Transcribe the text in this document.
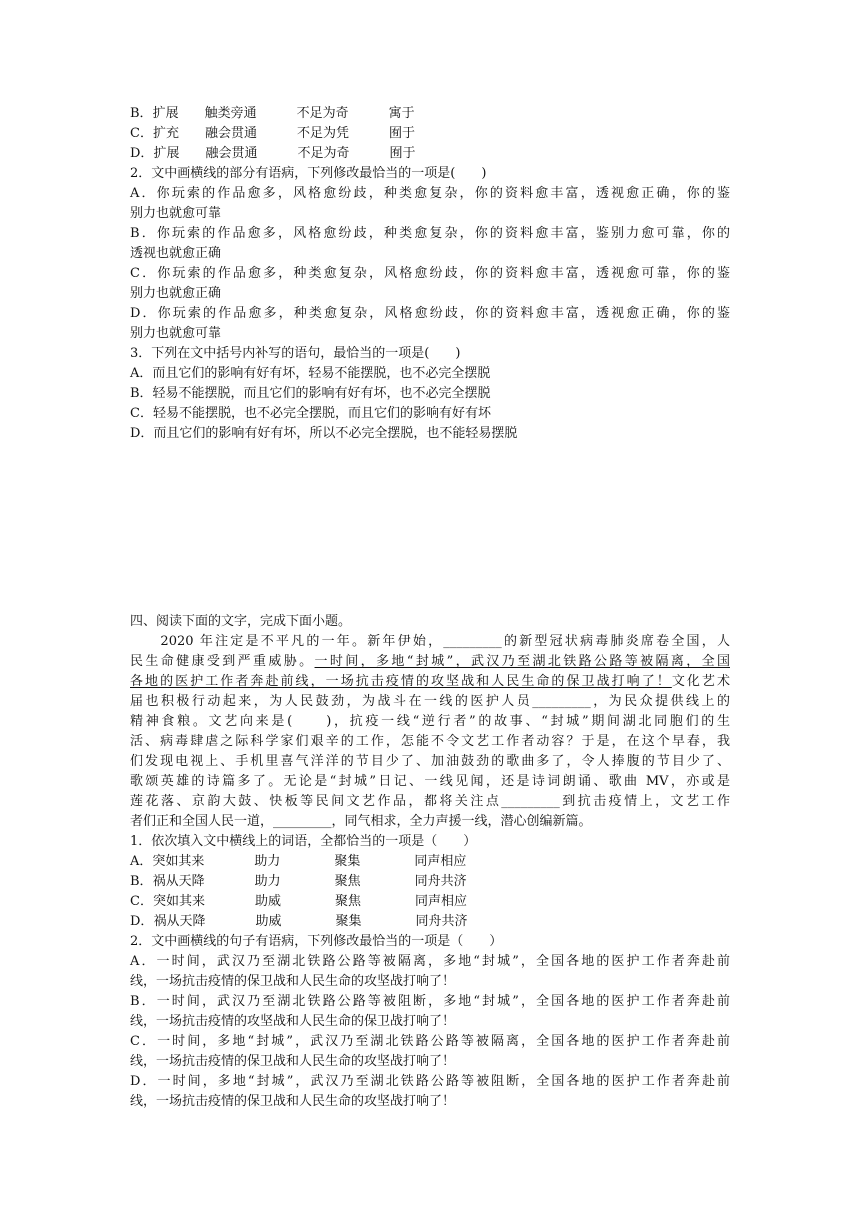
B．扩展 触类旁通	不足为奇	寓于
C．扩充 融会贯通	不足为凭	囿于
D．扩展 融会贯通	不足为奇	囿于
2．文中画横线的部分有语病，下列修改最恰当的一项是(　　)
A．你玩索的作品愈多，风格愈纷歧，种类愈复杂，你的资料愈丰富，透视愈正确，你的鉴
别力也就愈可靠
B．你玩索的作品愈多，风格愈纷歧，种类愈复杂，你的资料愈丰富，鉴别力愈可靠，你的
透视也就愈正确
C．你玩索的作品愈多，种类愈复杂，风格愈纷歧，你的资料愈丰富，透视愈可靠，你的鉴
别力也就愈正确
D．你玩索的作品愈多，种类愈复杂，风格愈纷歧，你的资料愈丰富，透视愈正确，你的鉴
别力也就愈可靠
3．下列在文中括号内补写的语句，最恰当的一项是(　　)
A．而且它们的影响有好有坏，轻易不能摆脱，也不必完全摆脱
B．轻易不能摆脱，而且它们的影响有好有坏，也不必完全摆脱
C．轻易不能摆脱，也不必完全摆脱，而且它们的影响有好有坏
D．而且它们的影响有好有坏，所以不必完全摆脱，也不能轻易摆脱
四、阅读下面的文字，完成下面小题。
　　2020 年注定是不平凡的一年。新年伊始，_________的新型冠状病毒肺炎席卷全国，人
民生命健康受到严重威胁。一时间，多地“封城”，武汉乃至湖北铁路公路等被隔离，全国
各地的医护工作者奔赴前线，一场抗击疫情的攻坚战和人民生命的保卫战打响了！文化艺术
届也积极行动起来，为人民鼓劲，为战斗在一线的医护人员_________，为民众提供线上的
精神食粮。文艺向来是(　　)，抗疫一线“逆行者”的故事、“封城”期间湖北同胞们的生
活、病毒肆虐之际科学家们艰辛的工作，怎能不令文艺工作者动容？于是，在这个早春，我
们发现电视上、手机里喜气洋洋的节目少了、加油鼓劲的歌曲多了，令人捧腹的节目少了、
歌颂英雄的诗篇多了。无论是“封城”日记、一线见闻，还是诗词朗诵、歌曲 MV，亦或是
莲花落、京韵大鼓、快板等民间文艺作品，都将关注点_________到抗击疫情上，文艺工作
者们正和全国人民一道，_________，同气相求，全力声援一线，潜心创编新篇。
1．依次填入文中横线上的词语，全都恰当的一项是（　　）
A．突如其来	助力	聚集	同声相应
B．祸从天降	助力	聚焦	同舟共济
C．突如其来	助威	聚焦	同声相应
D．祸从天降	助威	聚集	同舟共济
2．文中画横线的句子有语病，下列修改最恰当的一项是（　　）
A．一时间，武汉乃至湖北铁路公路等被隔离，多地“封城”，全国各地的医护工作者奔赴前
线，一场抗击疫情的保卫战和人民生命的攻坚战打响了！
B．一时间，武汉乃至湖北铁路公路等被阻断，多地“封城”，全国各地的医护工作者奔赴前
线，一场抗击疫情的攻坚战和人民生命的保卫战打响了！
C．一时间，多地“封城”，武汉乃至湖北铁路公路等被隔离，全国各地的医护工作者奔赴前
线，一场抗击疫情的保卫战和人民生命的攻坚战打响了！
D．一时间，多地“封城”，武汉乃至湖北铁路公路等被阻断，全国各地的医护工作者奔赴前
线，一场抗击疫情的保卫战和人民生命的攻坚战打响了！
